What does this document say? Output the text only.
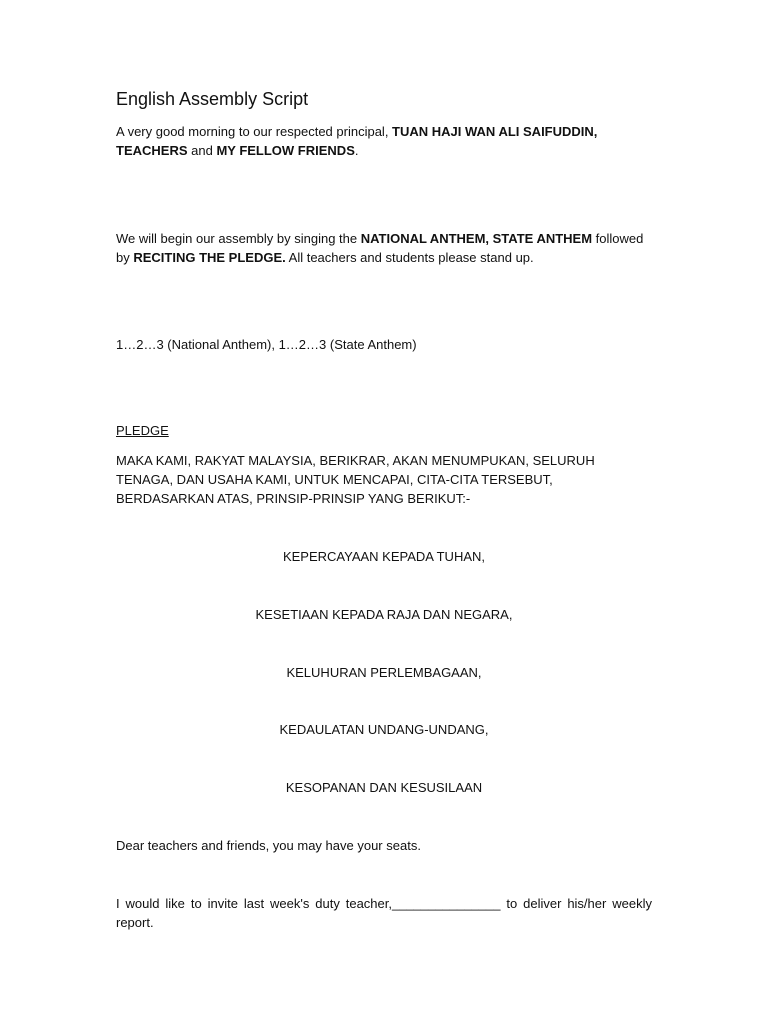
English Assembly Script

A very good morning to our respected principal, TUAN HAJI WAN ALI SAIFUDDIN, TEACHERS and MY FELLOW FRIENDS.

We will begin our assembly by singing the NATIONAL ANTHEM, STATE ANTHEM followed by RECITING THE PLEDGE. All teachers and students please stand up.

1…2…3 (National Anthem), 1…2…3 (State Anthem)

PLEDGE

MAKA KAMI, RAKYAT MALAYSIA, BERIKRAR, AKAN MENUMPUKAN, SELURUH TENAGA, DAN USAHA KAMI, UNTUK MENCAPAI, CITA-CITA TERSEBUT, BERDASARKAN ATAS, PRINSIP-PRINSIP YANG BERIKUT:-

KEPERCAYAAN KEPADA TUHAN,
KESETIAAN KEPADA RAJA DAN NEGARA,
KELUHURAN PERLEMBAGAAN,
KEDAULATAN UNDANG-UNDANG,
KESOPANAN DAN KESUSILAAN

Dear teachers and friends, you may have your seats.

I would like to invite last week's duty teacher,_______________ to deliver his/her weekly report.
